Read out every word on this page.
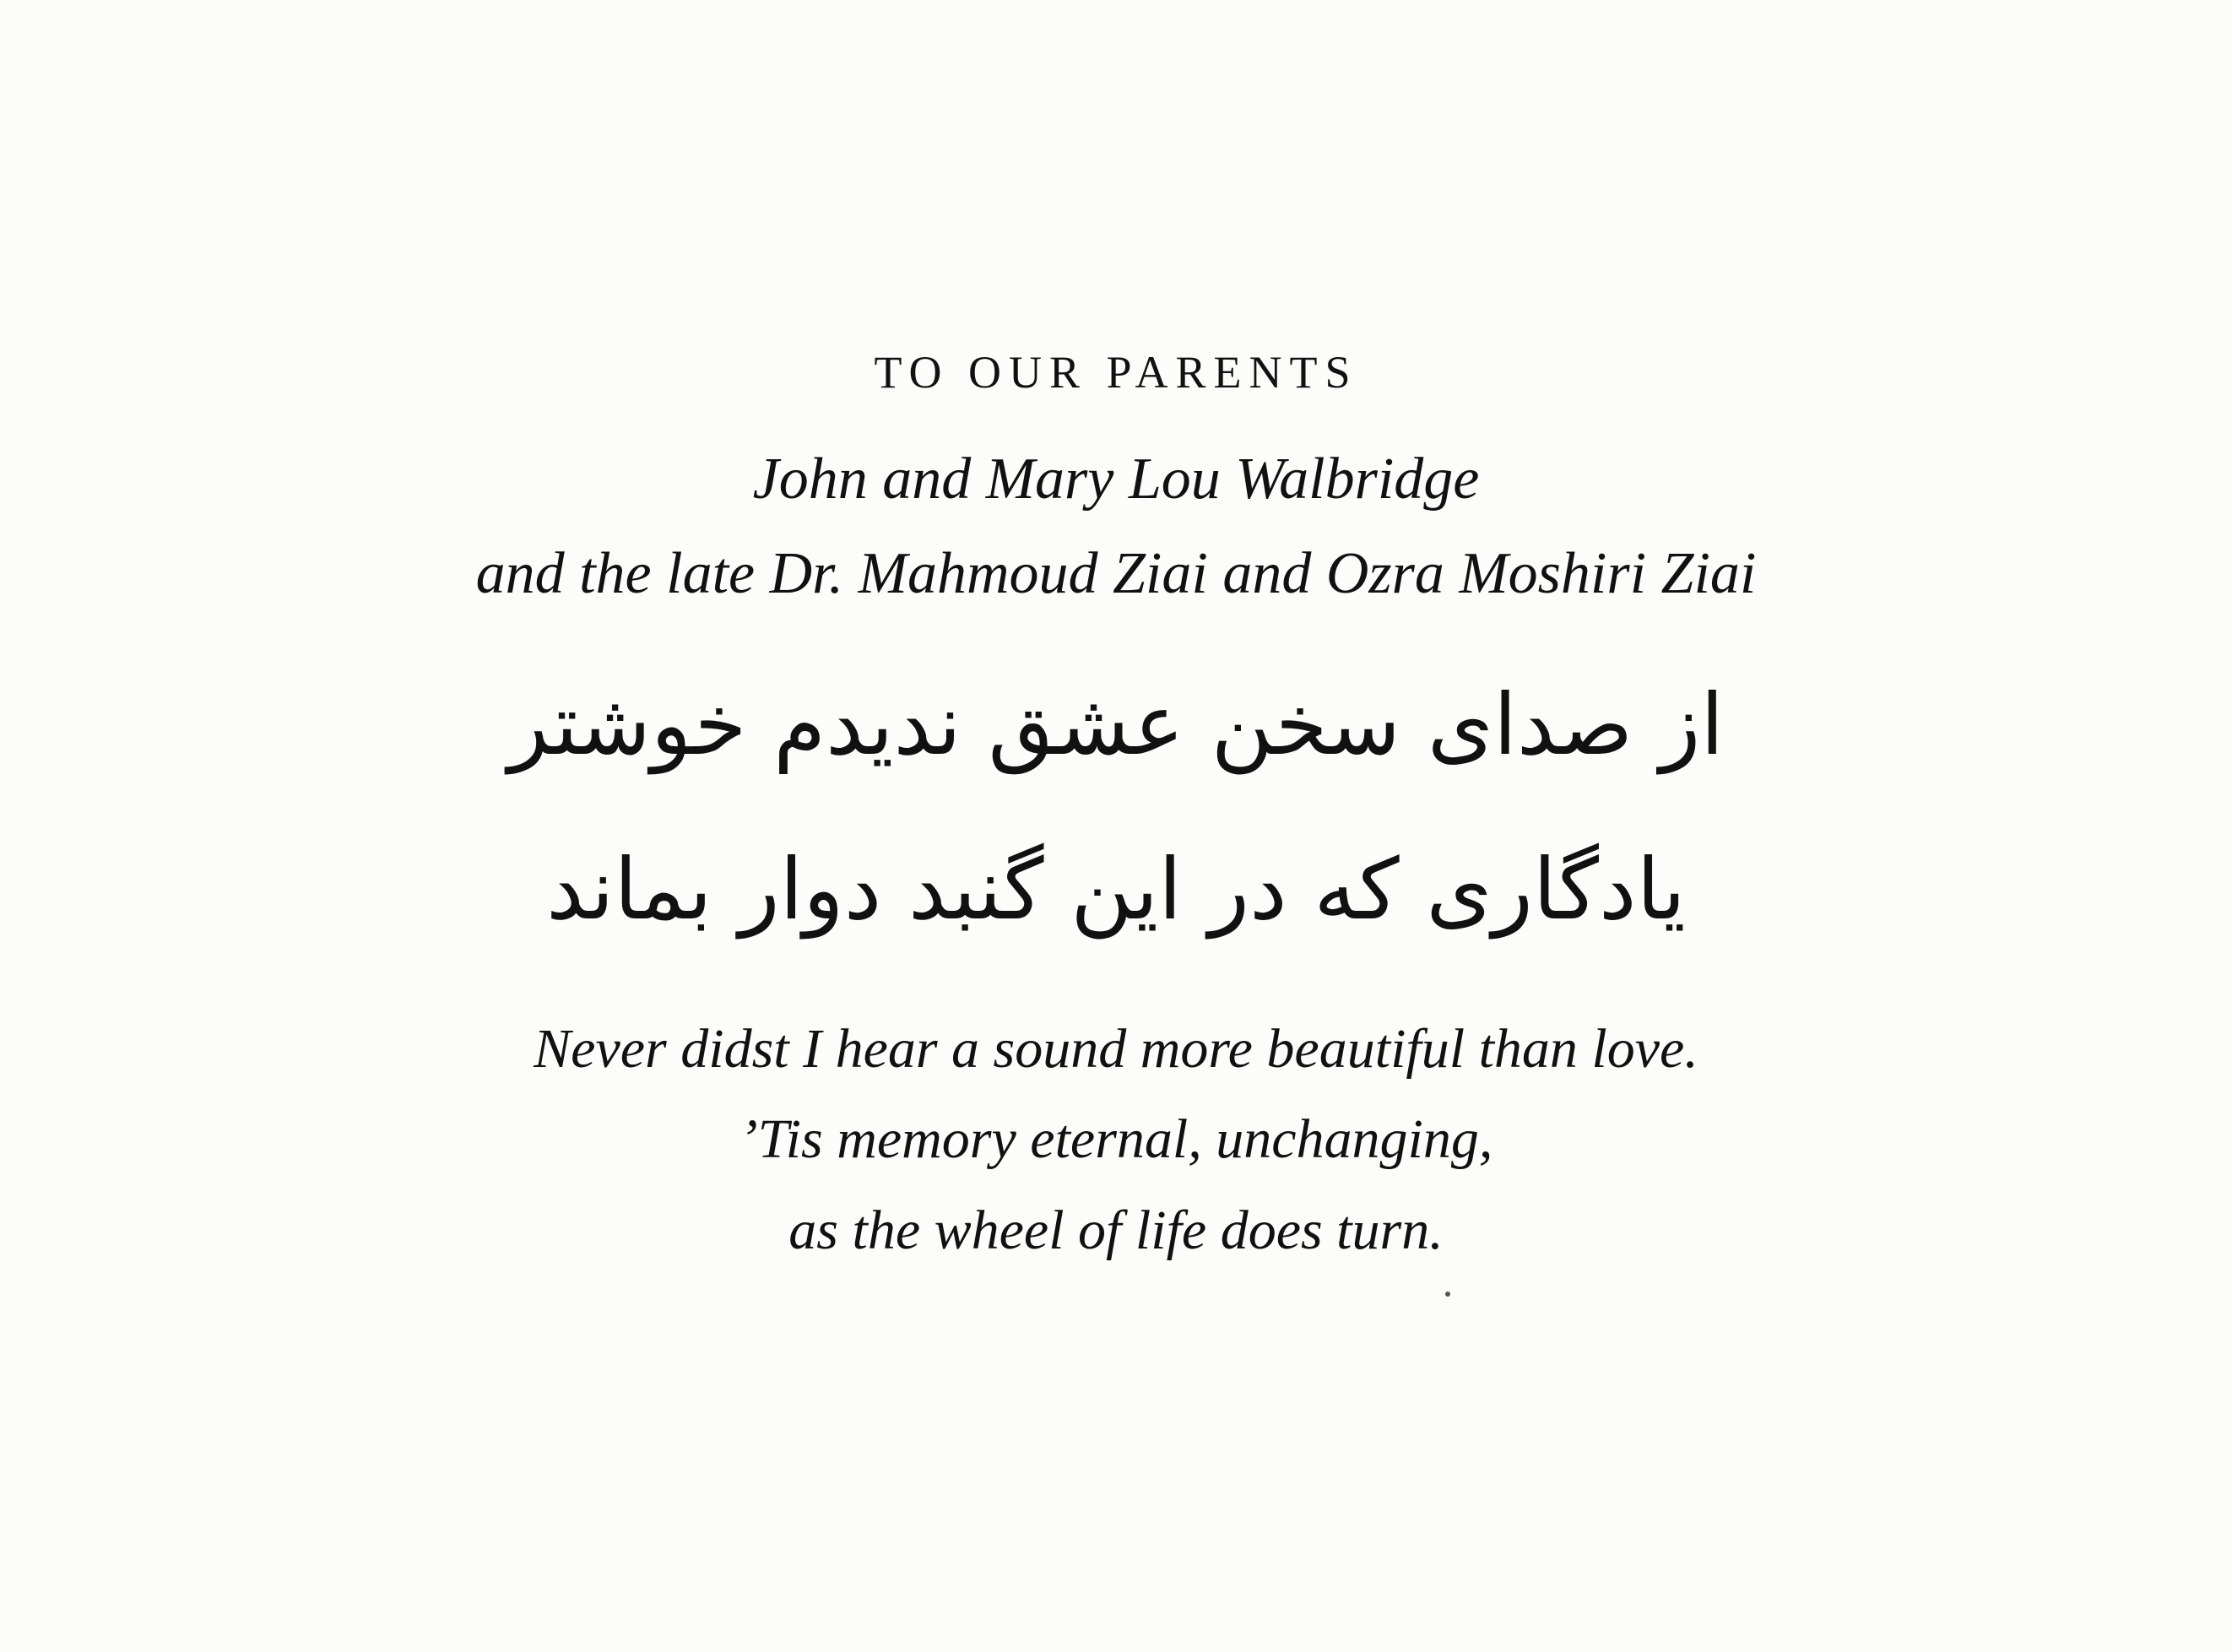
TO OUR PARENTS
John and Mary Lou Walbridge
and the late Dr. Mahmoud Ziai and Ozra Moshiri Ziai
از صدای سخن عشق ندیدم خوشتر
یادگاری که در این گنبد دوار بماند
Never didst I hear a sound more beautiful than love.
’Tis memory eternal, unchanging,
as the wheel of life does turn.
